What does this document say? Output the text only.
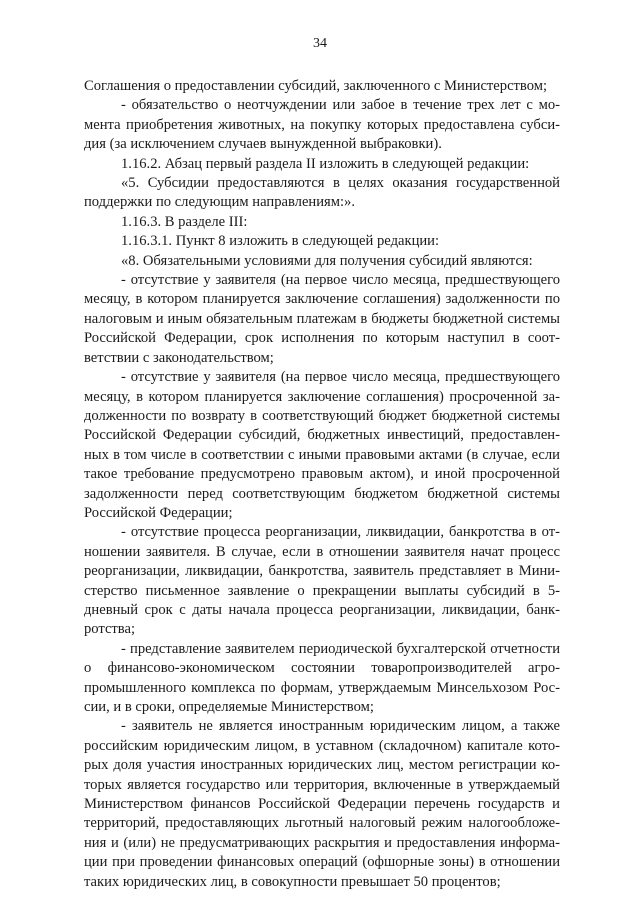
34

Соглашения о предоставлении субсидий, заключенного с Министерством;

- обязательство о неотчуждении или забое в течение трех лет с момента приобретения животных, на покупку которых предоставлена субсидия (за исключением случаев вынужденной выбраковки).

1.16.2. Абзац первый раздела II изложить в следующей редакции:

«5. Субсидии предоставляются в целях оказания государственной поддержки по следующим направлениям:».

1.16.3. В разделе III:

1.16.3.1. Пункт 8 изложить в следующей редакции:

«8. Обязательными условиями для получения субсидий являются:

- отсутствие у заявителя (на первое число месяца, предшествующего месяцу, в котором планируется заключение соглашения) задолженности по налоговым и иным обязательным платежам в бюджеты бюджетной системы Российской Федерации, срок исполнения по которым наступил в соответствии с законодательством;

- отсутствие у заявителя (на первое число месяца, предшествующего месяцу, в котором планируется заключение соглашения) просроченной задолженности по возврату в соответствующий бюджет бюджетной системы Российской Федерации субсидий, бюджетных инвестиций, предоставленных в том числе в соответствии с иными правовыми актами (в случае, если такое требование предусмотрено правовым актом), и иной просроченной задолженности перед соответствующим бюджетом бюджетной системы Российской Федерации;

- отсутствие процесса реорганизации, ликвидации, банкротства в отношении заявителя. В случае, если в отношении заявителя начат процесс реорганизации, ликвидации, банкротства, заявитель представляет в Министерство письменное заявление о прекращении выплаты субсидий в 5-дневный срок с даты начала процесса реорганизации, ликвидации, банкротства;

- представление заявителем периодической бухгалтерской отчетности о финансово-экономическом состоянии товаропроизводителей агропромышленного комплекса по формам, утверждаемым Минсельхозом России, и в сроки, определяемые Министерством;

- заявитель не является иностранным юридическим лицом, а также российским юридическим лицом, в уставном (складочном) капитале которых доля участия иностранных юридических лиц, местом регистрации которых является государство или территория, включенные в утверждаемый Министерством финансов Российской Федерации перечень государств и территорий, предоставляющих льготный налоговый режим налогообложения и (или) не предусматривающих раскрытия и предоставления информации при проведении финансовых операций (офшорные зоны) в отношении таких юридических лиц, в совокупности превышает 50 процентов;
